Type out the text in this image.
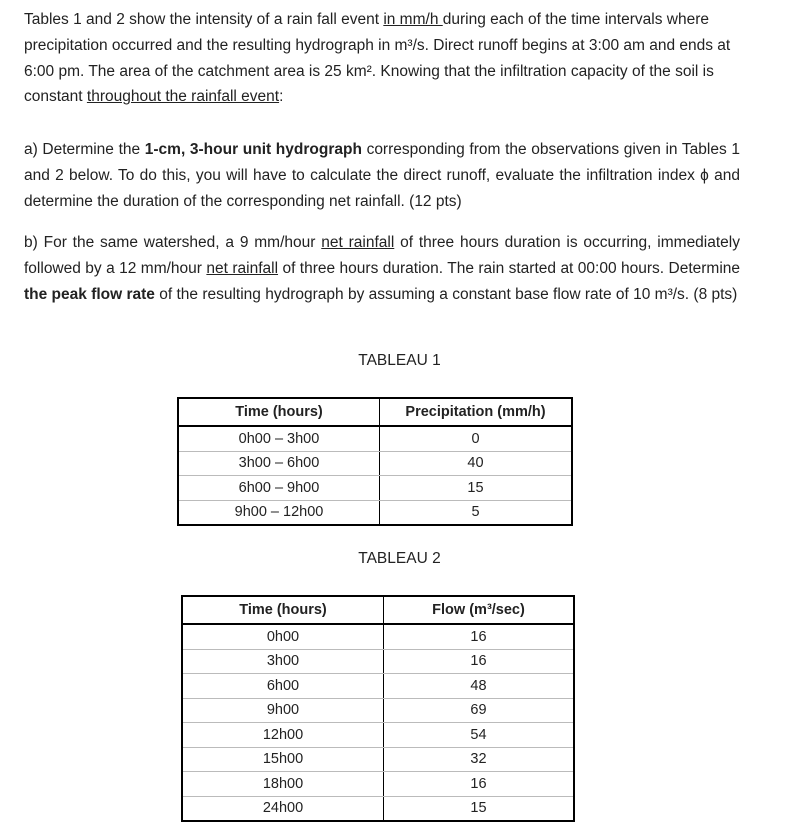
Tables 1 and 2 show the intensity of a rain fall event in mm/h during each of the time intervals where precipitation occurred and the resulting hydrograph in m³/s. Direct runoff begins at 3:00 am and ends at 6:00 pm. The area of the catchment area is 25 km². Knowing that the infiltration capacity of the soil is constant throughout the rainfall event:

a) Determine the 1-cm, 3-hour unit hydrograph corresponding from the observations given in Tables 1 and 2 below. To do this, you will have to calculate the direct runoff, evaluate the infiltration index ϕ and determine the duration of the corresponding net rainfall. (12 pts)

b) For the same watershed, a 9 mm/hour net rainfall of three hours duration is occurring, immediately followed by a 12 mm/hour net rainfall of three hours duration. The rain started at 00:00 hours. Determine the peak flow rate of the resulting hydrograph by assuming a constant base flow rate of 10 m³/s. (8 pts)

TABLEAU 1
Time (hours)	Precipitation (mm/h)
0h00 – 3h00	0
3h00 – 6h00	40
6h00 – 9h00	15
9h00 – 12h00	5
TABLEAU 2
Time (hours)	Flow (m³/sec)
0h00	16
3h00	16
6h00	48
9h00	69
12h00	54
15h00	32
18h00	16
24h00	15
